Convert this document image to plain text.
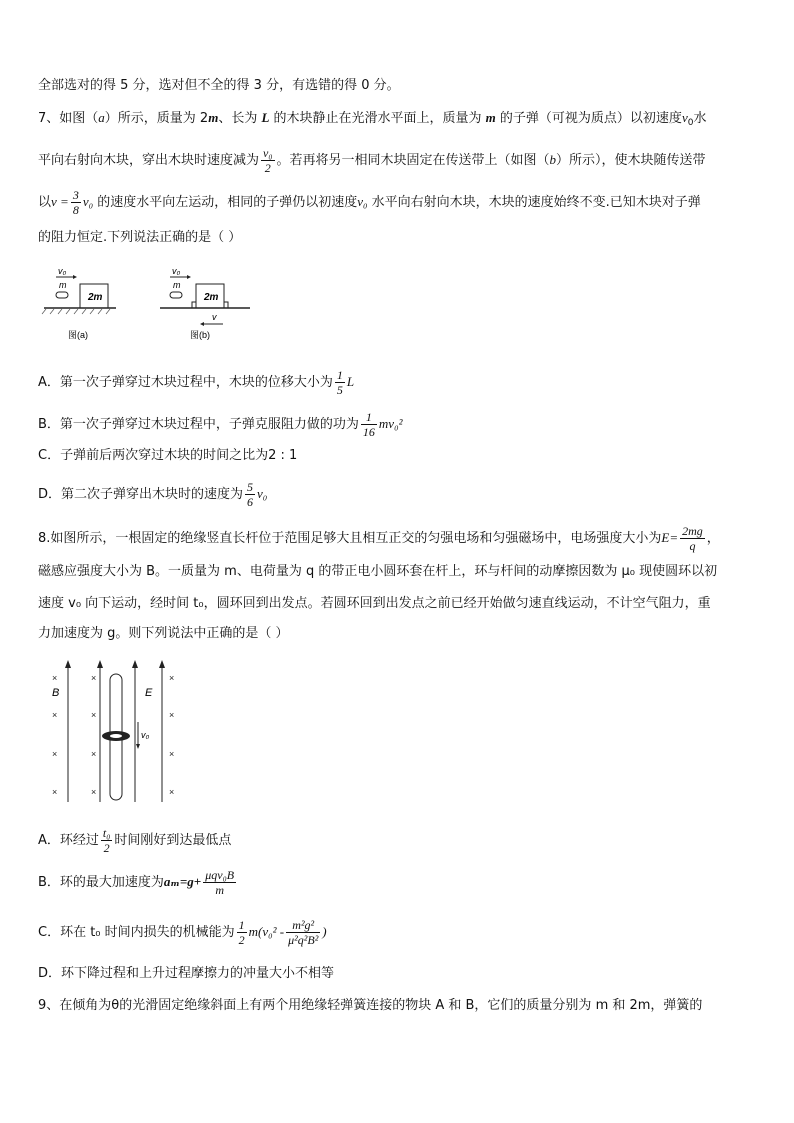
全部选对的得 5 分，选对但不全的得 3 分，有选错的得 0 分。
7、如图（a）所示，质量为 2m、长为 L 的木块静止在光滑水平面上，质量为 m 的子弹（可视为质点）以初速度$v_0$水
平向右射向木块，穿出木块时速度减为 $\frac{\text{v₀}}{2}$ 。若再将另一相同木块固定在传送带上（如图（b）所示），使木块随传送带
以$v = \frac{3}{8} v_0$ 的速度水平向左运动，相同的子弹仍以初速度v₀ 水平向右射向木块，木块的速度始终不变.已知木块对子弹
的阻力恒定.下列说法正确的是（ ）
v₀
m
2m
图(a)
v₀
m
2m
v
图(b)
A．第一次子弹穿过木块过程中，木块的位移大小为 $\frac{1}{5}$ L
B．第一次子弹穿过木块过程中，子弹克服阻力做的功为 $\frac{1}{16} mv_0^2$
C．子弹前后两次穿过木块的时间之比为2 : 1
D．第二次子弹穿出木块时的速度为 $\frac{5}{6} v_0$
8.如图所示，一根固定的绝缘竖直长杆位于范围足够大且相互正交的匀强电场和匀强磁场中，电场强度大小为$E= \frac{2mg}{q}$ ，
磁感应强度大小为 B。一质量为 m、电荷量为 q 的带正电小圆环套在杆上，环与杆间的动摩擦因数为 μ₀ 现使圆环以初
速度 v₀ 向下运动，经时间 t₀，圆环回到出发点。若圆环回到出发点之前已经开始做匀速直线运动，不计空气阻力，重
力加速度为 g。则下列说法中正确的是（ ）
v₀
B	E
×	×	×
×	×	×
×	×	×
×	×	×
A．环经过 $\frac{\text{t₀}}{2}$ 时间刚好到达最低点
B．环的最大加速度为$a_m=g+ \frac{\text{μqv₀B}}{m}$
C．环在 t₀ 时间内损失的机械能为 $\frac{1}{2} m(v_0^2 - \frac{\text{m²g²}}{\text{μ²q²B²}}$ )
D．环下降过程和上升过程摩擦力的冲量大小不相等
9、在倾角为θ的光滑固定绝缘斜面上有两个用绝缘轻弹簧连接的物块 A 和 B，它们的质量分别为 m 和 2m，弹簧的
